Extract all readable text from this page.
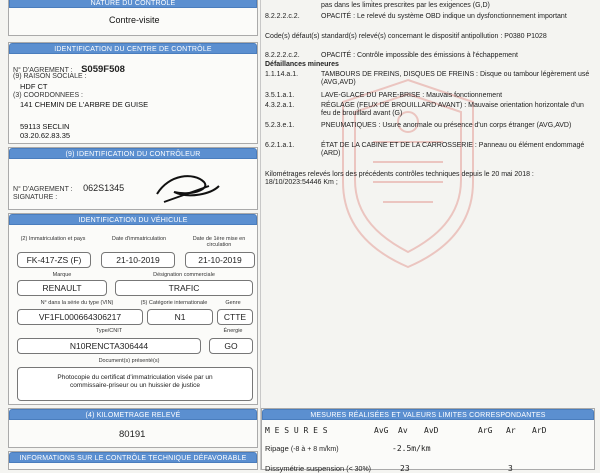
NATURE DU CONTRÔLE
Contre-visite
IDENTIFICATION DU CENTRE DE CONTRÔLE
N° D'AGREMENT : S059F508
(9) RAISON SOCIALE :
HDF CT
(3) COORDONNEES :
141 CHEMIN DE L'ARBRE DE GUISE
59113 SECLIN
03.20.62.83.35
(9) IDENTIFICATION DU CONTRÔLEUR
N° D'AGREMENT : 062S1345
SIGNATURE :
IDENTIFICATION DU VÉHICULE
(2) Immatriculation et pays	Date d'immatriculation	Date de 1ère mise en circulation
FK-417-ZS (F)	21-10-2019	21-10-2019
Marque	Désignation commerciale
RENAULT	TRAFIC
N° dans la série du type (VIN)	(5) Catégorie internationale	Genre
VF1FL000664306217	N1	CTTE
Type/CNIT	Énergie
N10RENCTA306444	GO
Document(s) présenté(s)
Photocopie du certificat d'immatriculation visée par un commissaire-priseur ou un huissier de justice
(4) KILOMETRAGE RELEVÉ
80191
INFORMATIONS SUR LE CONTRÔLE TECHNIQUE DÉFAVORABLE
pas dans les limites prescrites par les exigences (G,D)
8.2.2.2.c.2.	OPACITÉ : Le relevé du système OBD indique un dysfonctionnement important
Code(s) défaut(s) standard(s) relevé(s) concernant le dispositif antipollution : P0380 P1028
8.2.2.2.c.2.	OPACITÉ : Contrôle impossible des émissions à l'échappement
Défaillances mineures
1.1.14.a.1.	TAMBOURS DE FREINS, DISQUES DE FREINS : Disque ou tambour légèrement usé (AVG,AVD)
3.5.1.a.1.	LAVE-GLACE DU PARE-BRISE : Mauvais fonctionnement
4.3.2.a.1.	RÉGLAGE (FEUX DE BROUILLARD AVANT) : Mauvaise orientation horizontale d'un feu de brouillard avant (G)
5.2.3.e.1.	PNEUMATIQUES : Usure anormale ou présence d'un corps étranger (AVG,AVD)
6.2.1.a.1.	ÉTAT DE LA CABINE ET DE LA CARROSSERIE : Panneau ou élément endommagé (ARD)
Kilométrages relevés lors des précédents contrôles techniques depuis le 20 mai 2018 : 18/10/2023:54446 Km ;
MESURES RÉALISÉES ET VALEURS LIMITES CORRESPONDANTES
M E S U R E S	AvG Av AvD	ArG Ar ArD
Ripage (-8 à + 8 m/km)	-2.5m/km
Dissymétrie suspension (< 30%)	23	3
